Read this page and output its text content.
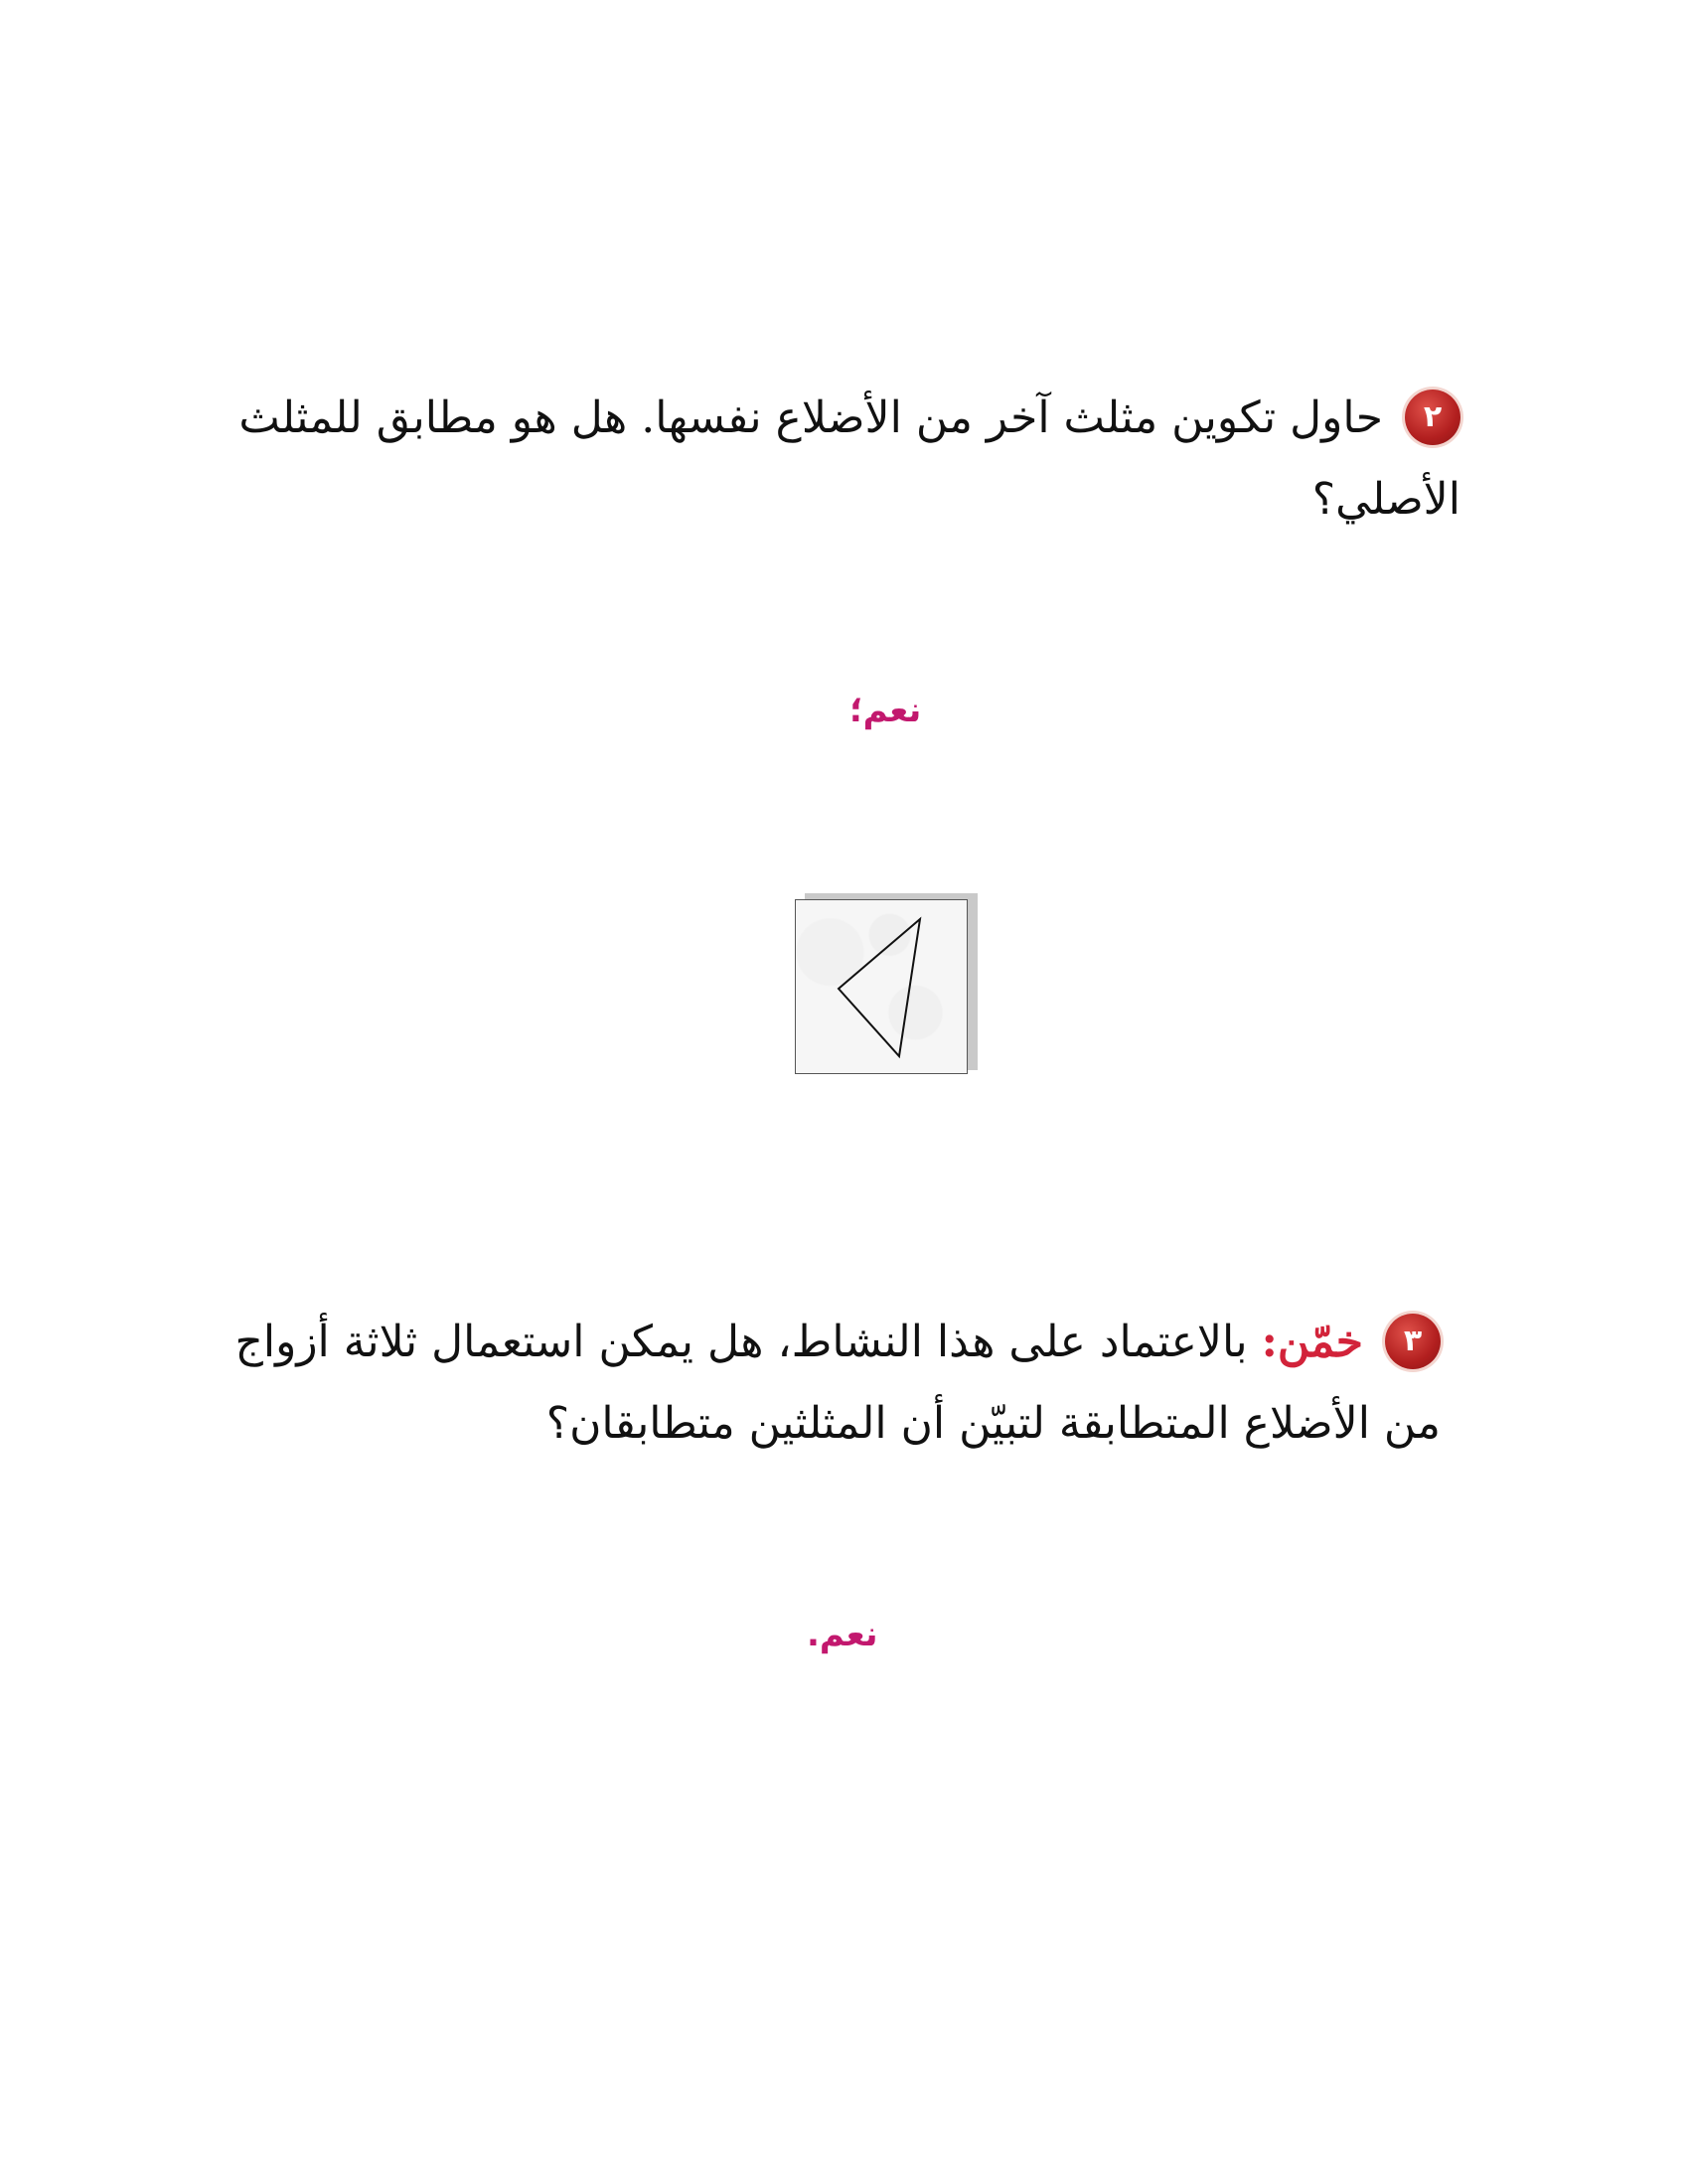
٢حاول تكوين مثلث آخر من الأضلاع نفسها. هل هو مطابق للمثلث
الأصلي؟
نعم؛
٣خمّن:بالاعتماد على هذا النشاط، هل يمكن استعمال ثلاثة أزواج
من الأضلاع المتطابقة لتبيّن أن المثلثين متطابقان؟
نعم.
